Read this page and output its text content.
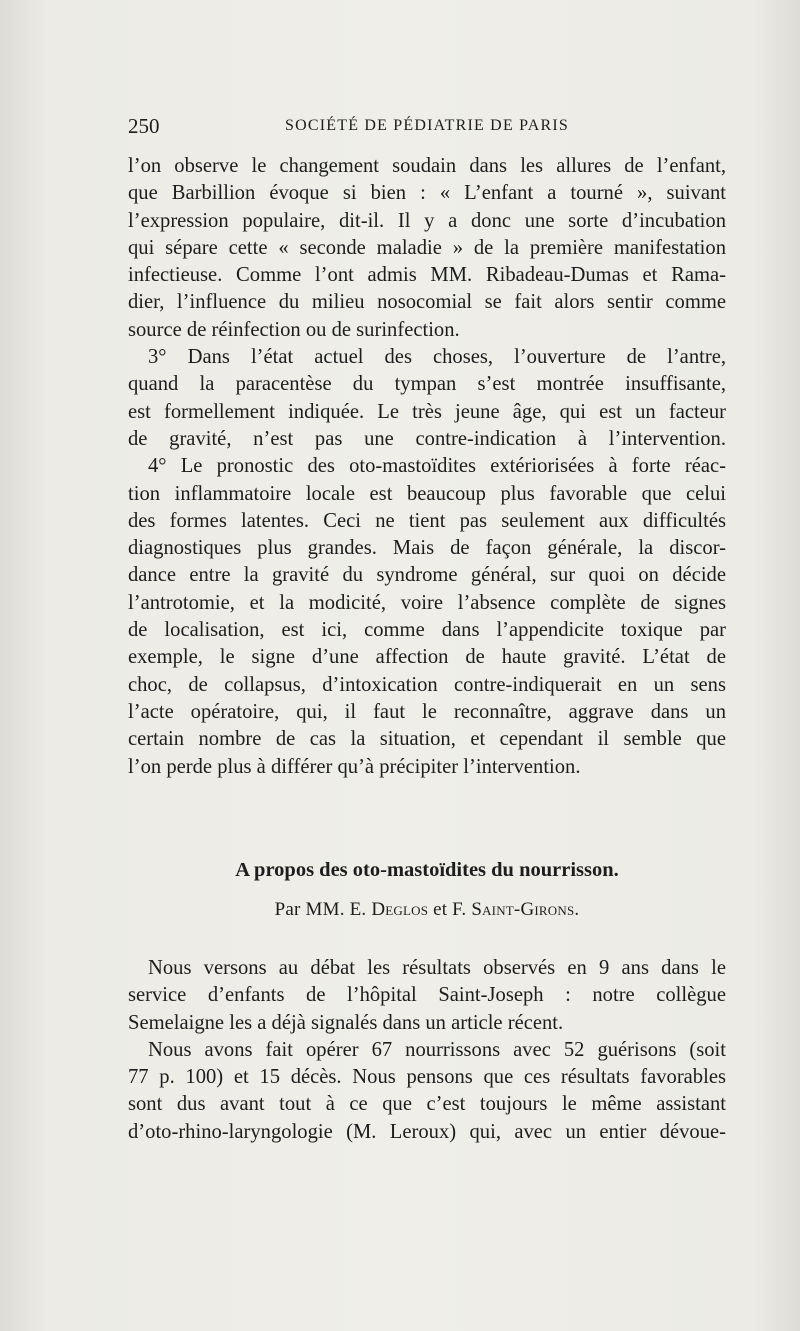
250	SOCIÉTÉ DE PÉDIATRIE DE PARIS

l’on observe le changement soudain dans les allures de l’enfant,
que Barbillion évoque si bien : « L’enfant a tourné », suivant
l’expression populaire, dit-il. Il y a donc une sorte d’incubation
qui sépare cette « seconde maladie » de la première manifestation
infectieuse. Comme l’ont admis MM. Ribadeau-Dumas et Rama-
dier, l’influence du milieu nosocomial se fait alors sentir comme
source de réinfection ou de surinfection.

3° Dans l’état actuel des choses, l’ouverture de l’antre,
quand la paracentèse du tympan s’est montrée insuffisante,
est formellement indiquée. Le très jeune âge, qui est un facteur
de gravité, n’est pas une contre-indication à l’intervention.

4° Le pronostic des oto-mastoïdites extériorisées à forte réac-
tion inflammatoire locale est beaucoup plus favorable que celui
des formes latentes. Ceci ne tient pas seulement aux difficultés
diagnostiques plus grandes. Mais de façon générale, la discor-
dance entre la gravité du syndrome général, sur quoi on décide
l’antrotomie, et la modicité, voire l’absence complète de signes
de localisation, est ici, comme dans l’appendicite toxique par
exemple, le signe d’une affection de haute gravité. L’état de
choc, de collapsus, d’intoxication contre-indiquerait en un sens
l’acte opératoire, qui, il faut le reconnaître, aggrave dans un
certain nombre de cas la situation, et cependant il semble que
l’on perde plus à différer qu’à précipiter l’intervention.

A propos des oto-mastoïdites du nourrisson.
Par MM. E. Deglos et F. Saint-Girons.

Nous versons au débat les résultats observés en 9 ans dans le
service d’enfants de l’hôpital Saint-Joseph : notre collègue
Semelaigne les a déjà signalés dans un article récent.

Nous avons fait opérer 67 nourrissons avec 52 guérisons (soit
77 p. 100) et 15 décès. Nous pensons que ces résultats favorables
sont dus avant tout à ce que c’est toujours le même assistant
d’oto-rhino-laryngologie (M. Leroux) qui, avec un entier dévoue-
